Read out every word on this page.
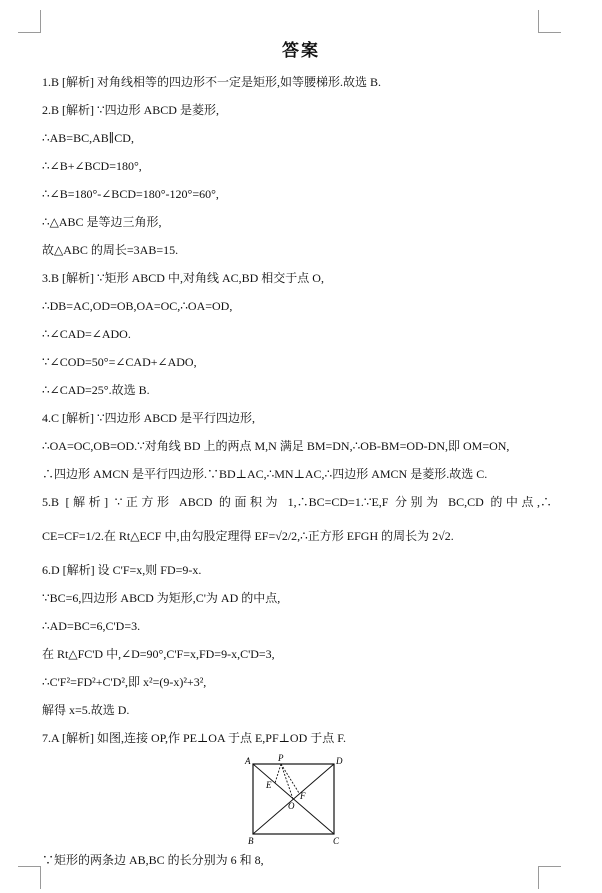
答案
1.B [解析] 对角线相等的四边形不一定是矩形,如等腰梯形.故选 B.
2.B [解析] ∵四边形 ABCD 是菱形,
∴AB=BC,AB∥CD,
∴∠B+∠BCD=180°,
∴∠B=180°-∠BCD=180°-120°=60°,
∴△ABC 是等边三角形,
故△ABC 的周长=3AB=15.
3.B [解析] ∵矩形 ABCD 中,对角线 AC,BD 相交于点 O,
∴DB=AC,OD=OB,OA=OC,∴OA=OD,
∴∠CAD=∠ADO.
∵∠COD=50°=∠CAD+∠ADO,
∴∠CAD=25°.故选 B.
4.C [解析] ∵四边形 ABCD 是平行四边形,
∴OA=OC,OB=OD.∵对角线 BD 上的两点 M,N 满足 BM=DN,∴OB-BM=OD-DN,即 OM=ON,
∴四边形 AMCN 是平行四边形.∵BD⊥AC,∴MN⊥AC,∴四边形 AMCN 是菱形.故选 C.
5.B [解析] ∵正方形 ABCD 的面积为 1,∴BC=CD=1.∵E,F 分别为 BC,CD 的中点,∴
CE=CF=1/2.在 Rt△ECF 中,由勾股定理得 EF=√2/2,∴正方形 EFGH 的周长为 2√2.
6.D [解析] 设 C'F=x,则 FD=9-x.
∵BC=6,四边形 ABCD 为矩形,C'为 AD 的中点,
∴AD=BC=6,C'D=3.
在 Rt△FC'D 中,∠D=90°,C'F=x,FD=9-x,C'D=3,
∴C'F²=FD²+C'D²,即 x²=(9-x)²+3²,
解得 x=5.故选 D.
7.A [解析] 如图,连接 OP,作 PE⊥OA 于点 E,PF⊥OD 于点 F.
∵矩形的两条边 AB,BC 的长分别为 6 和 8,
A	P	D
E
F
O
B	C
